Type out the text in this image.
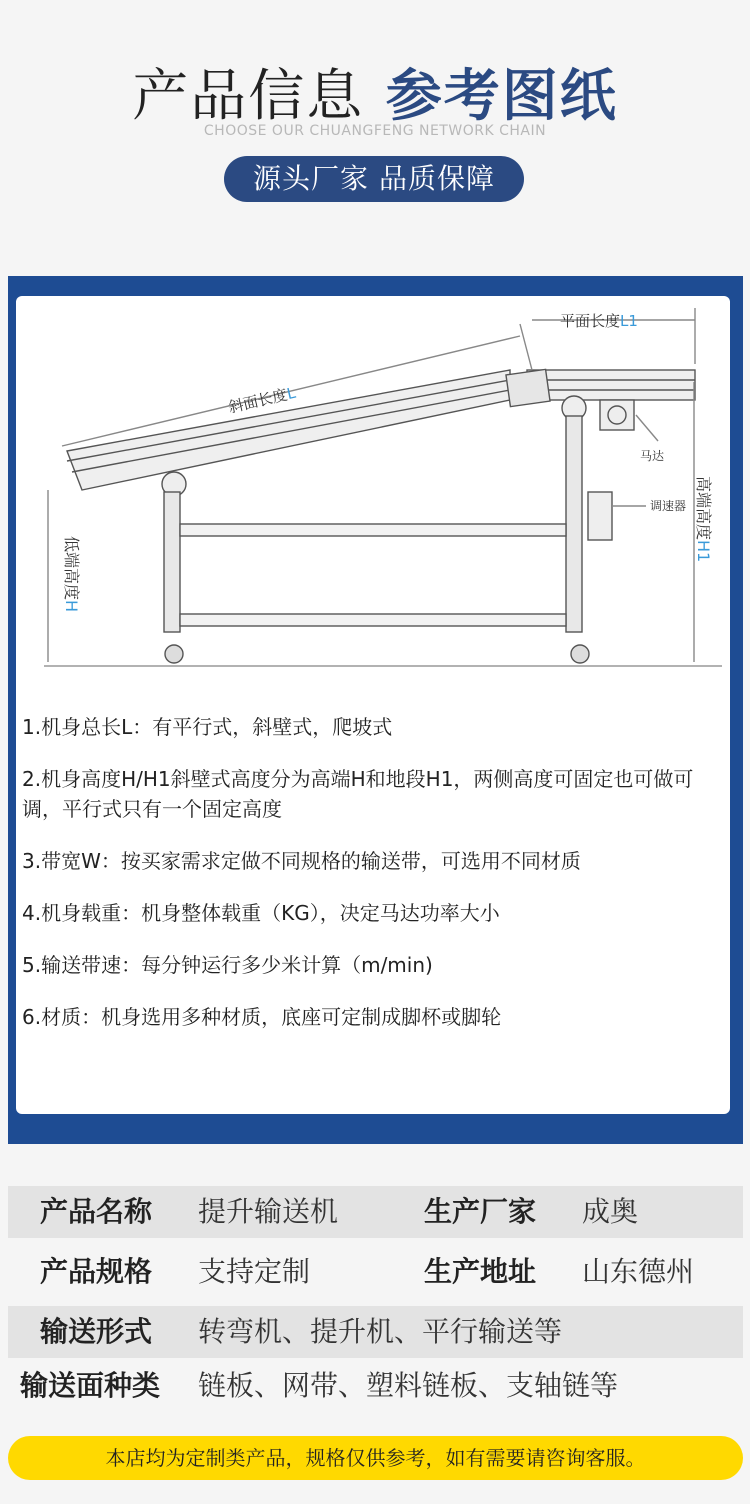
产品信息 参考图纸
CHOOSE OUR CHUANGFENG NETWORK CHAIN
源头厂家 品质保障
斜面长度L
平面长度L1
马达
调速器 高端高度H1
低端高度H
1.机身总长L：有平行式，斜壁式，爬坡式
2.机身高度H/H1斜壁式高度分为高端H和地段H1，两侧高度可固定也可做可调，平行式只有一个固定高度
3.带宽W：按买家需求定做不同规格的输送带，可选用不同材质
4.机身载重：机身整体载重（KG），决定马达功率大小
5.输送带速：每分钟运行多少米计算（m/min)
6.材质：机身选用多种材质，底座可定制成脚杯或脚轮
产品名称 提升输送机	生产厂家 成奥
产品规格 支持定制	生产地址 山东德州
输送形式 转弯机、提升机、平行输送等
输送面种类 链板、网带、塑料链板、支轴链等
本店均为定制类产品，规格仅供参考，如有需要请咨询客服。
